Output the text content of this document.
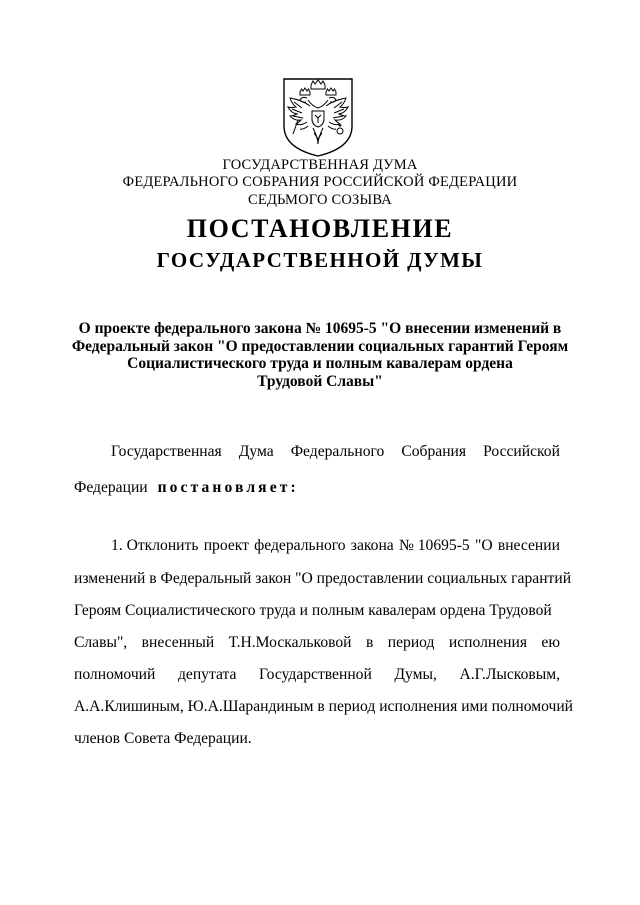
ГОСУДАРСТВЕННАЯ ДУМА

ФЕДЕРАЛЬНОГО СОБРАНИЯ РОССИЙСКОЙ ФЕДЕРАЦИИ

СЕДЬМОГО СОЗЫВА

ПОСТАНОВЛЕНИЕ
ГОСУДАРСТВЕННОЙ ДУМЫ
О проекте федерального закона № 10695-5 "О внесении изменений в
Федеральный закон "О предоставлении социальных гарантий Героям
Социалистического труда и полным кавалерам ордена
Трудовой Славы"
Государственная Дума Федерального Собрания Российской
Федерации постановляет:
1. Отклонить проект федерального закона № 10695-5 "О внесении
изменений в Федеральный закон "О предоставлении социальных гарантий
Героям Социалистического труда и полным кавалерам ордена Трудовой
Славы", внесенный Т.Н.Москальковой в период исполнения ею
полномочий депутата Государственной Думы, А.Г.Лысковым,
А.А.Клишиным, Ю.А.Шарандиным в период исполнения ими полномочий
членов Совета Федерации.
